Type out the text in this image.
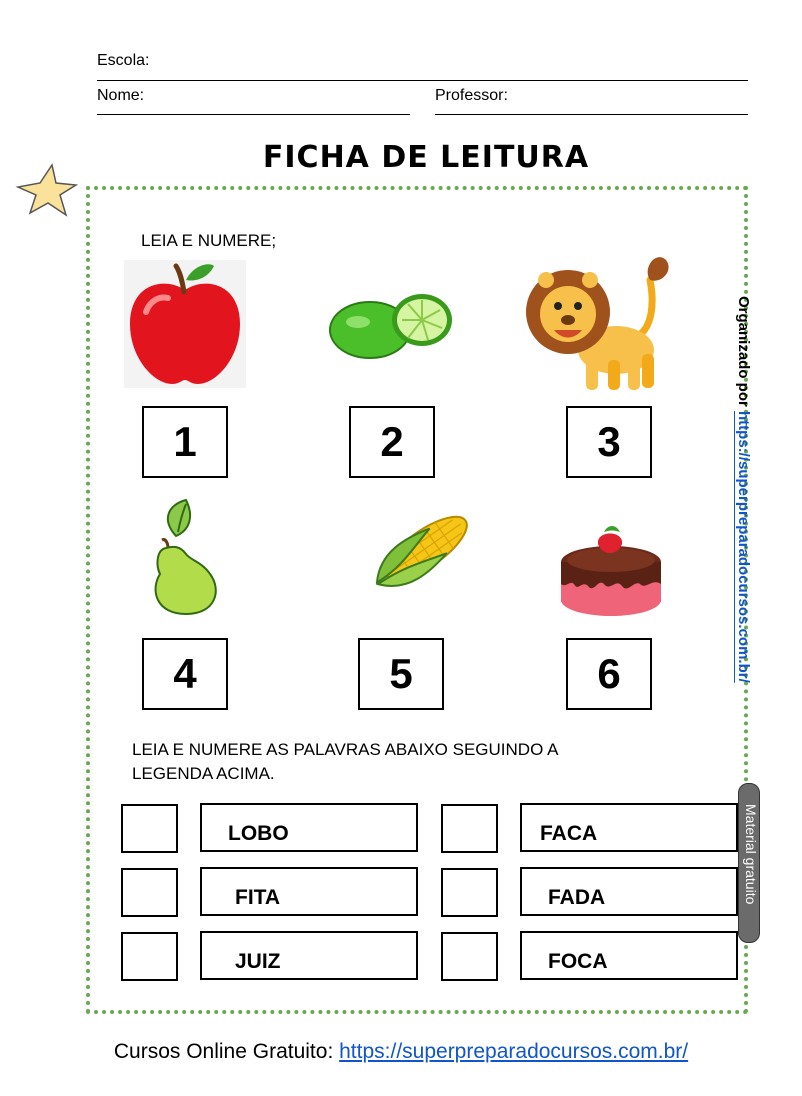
Escola:
Nome:	Professor:
FICHA DE LEITURA
LEIA E NUMERE;
1	2	3
4	5	6
LEIA E NUMERE AS PALAVRAS ABAIXO SEGUINDO A
LEGENDA ACIMA.
LOBO	FACA
FITA	FADA
JUIZ	FOCA
Organizado por https://superpreparadocursos.com.br/
Material gratuito
Cursos Online Gratuito: https://superpreparadocursos.com.br/
